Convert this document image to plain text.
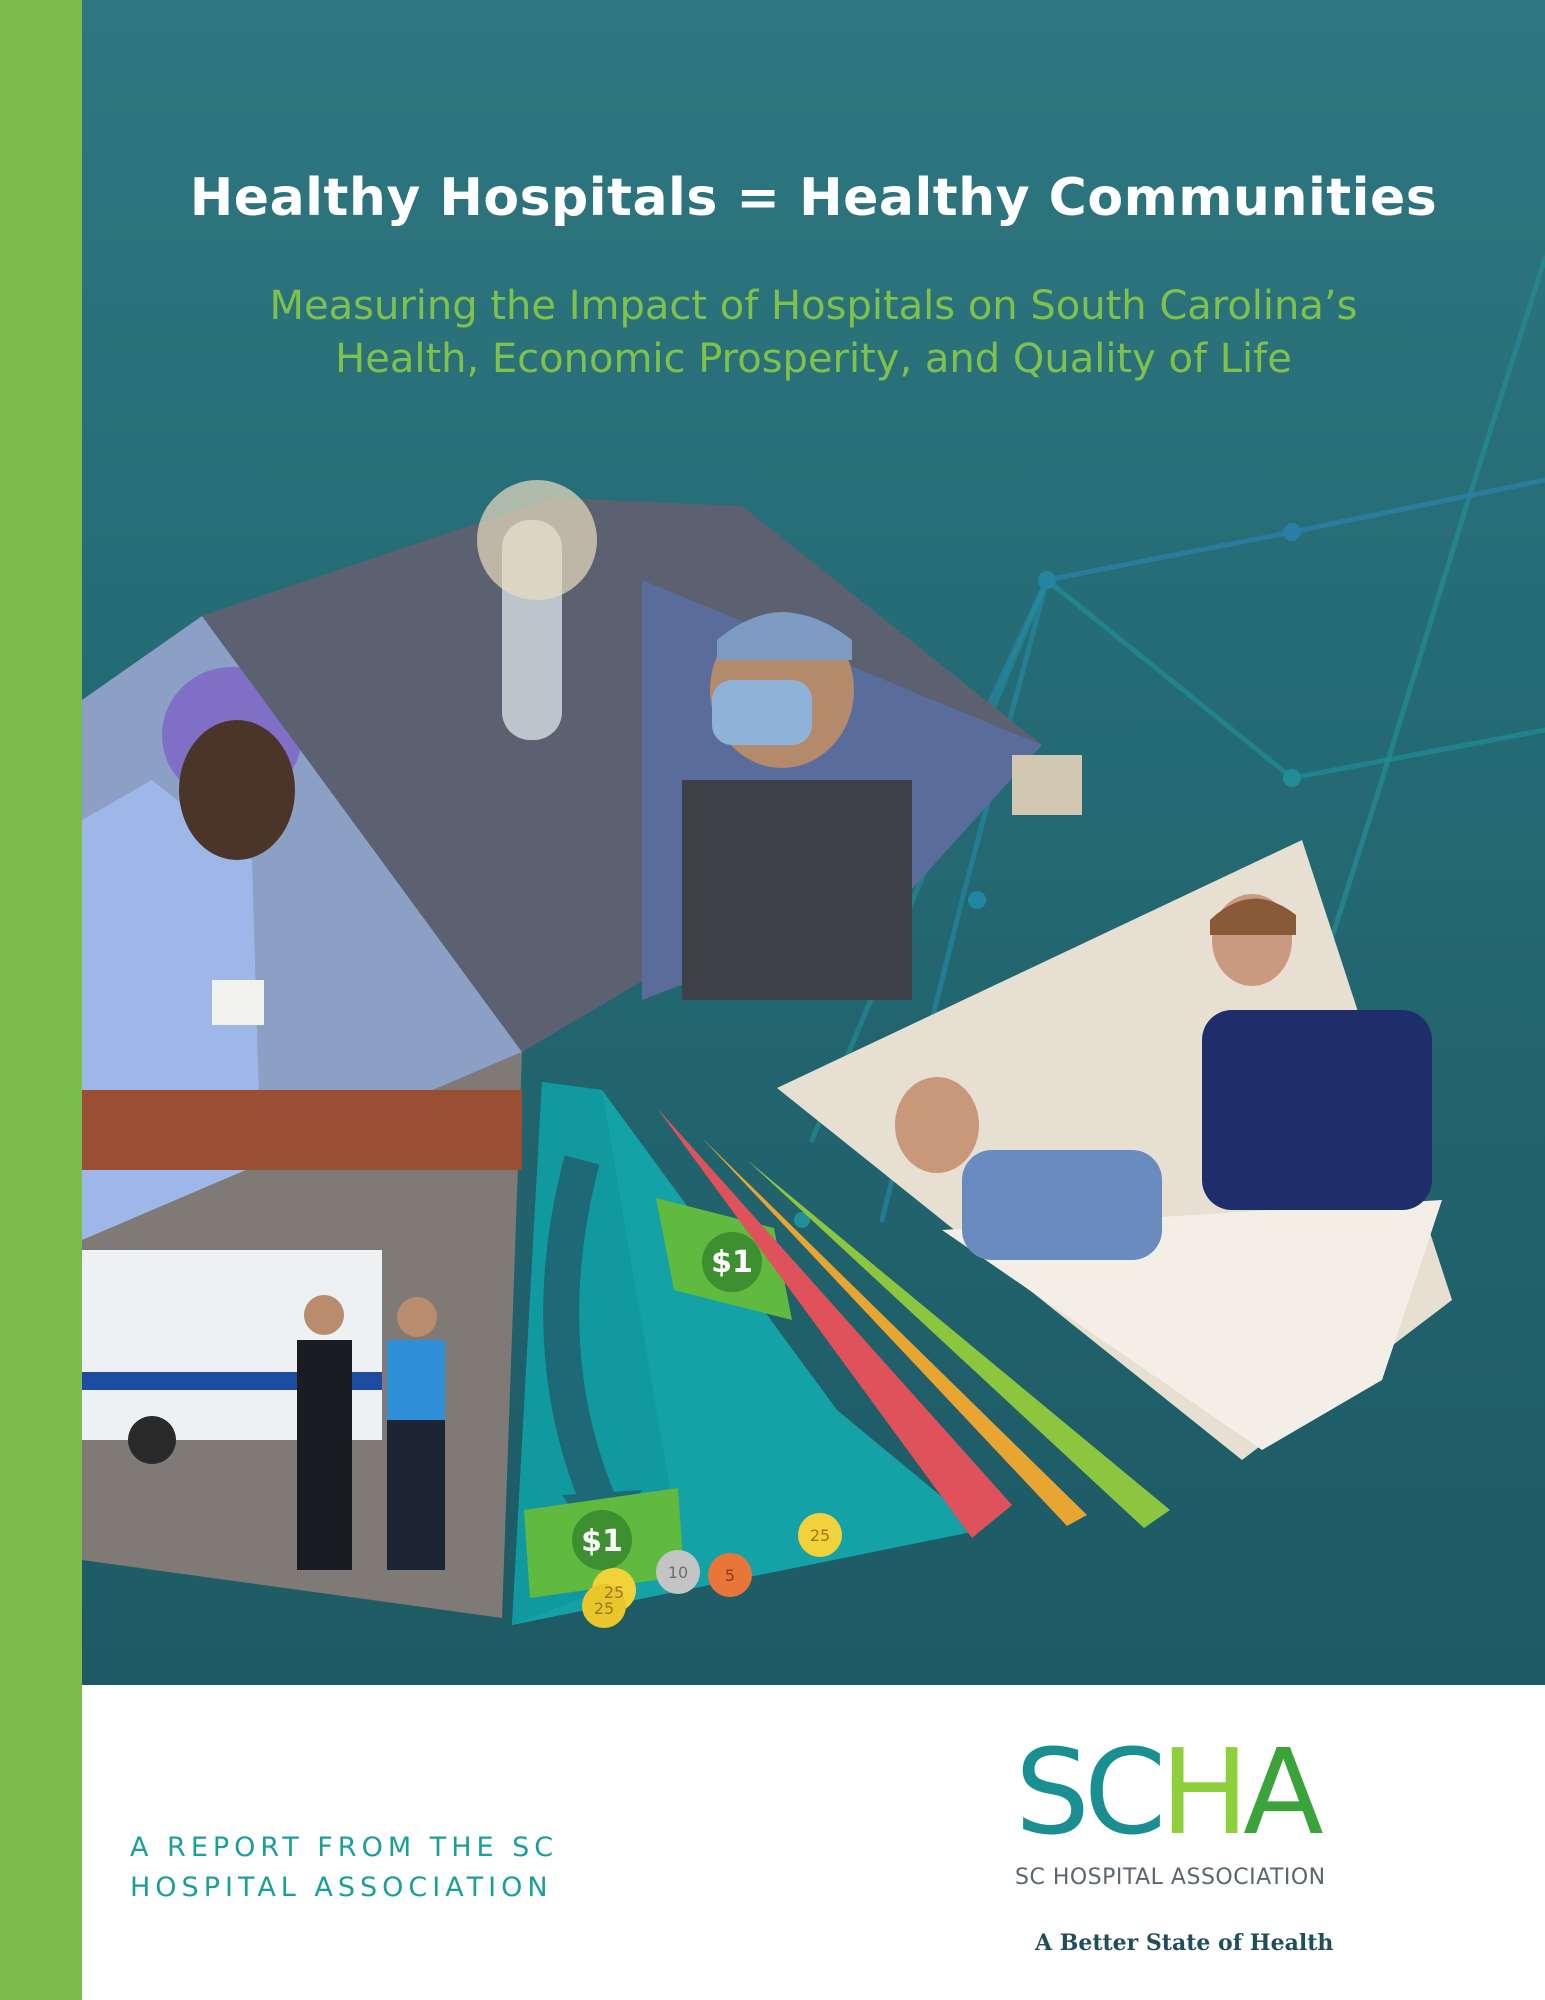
$1
$1
25
25
10 5
25
Healthy Hospitals = Healthy Communities
Measuring the Impact of Hospitals on South Carolina’s
Health, Economic Prosperity, and Quality of Life
A REPORT FROM THE SC
HOSPITAL ASSOCIATION
SCHA
SC HOSPITAL ASSOCIATION
A Better State of Health
